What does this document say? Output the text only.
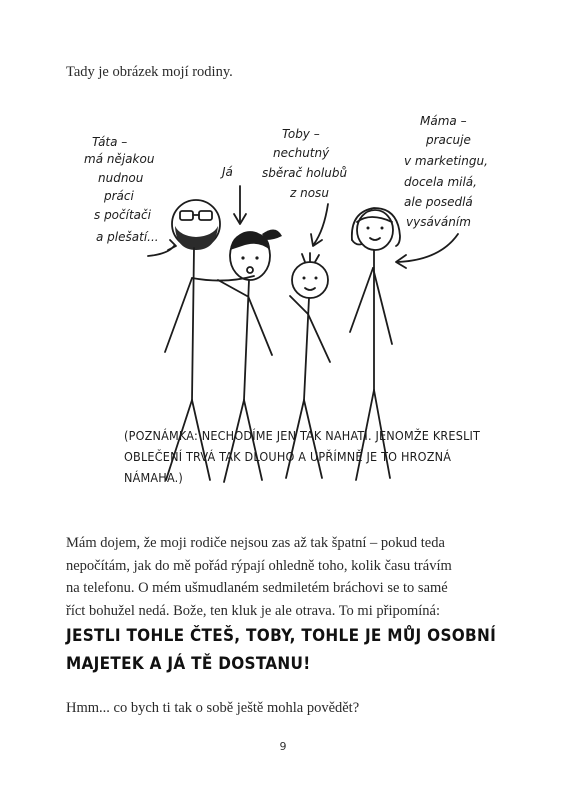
Tady je obrázek mojí rodiny.

Táta –
má nějakou
nudnou
práci
s počítači
a plešatí...
Já
Toby –
nechutný
sběrač holubů
z nosu
Máma –
pracuje
v marketingu,
docela milá,
ale posedlá
vysáváním
(POZNÁMKA: NECHODÍME JEN TAK NAHATÍ. JENOMŽE KRESLIT
OBLEČENÍ TRVÁ TAK DLOUHO A UPŘÍMNĚ JE TO HROZNÁ
NÁMAHA.)

Mám dojem, že moji rodiče nejsou zas až tak špatní – pokud teda
nepočítám, jak do mě pořád rýpají ohledně toho, kolik času trávím
na telefonu. O mém ušmudlaném sedmiletém bráchovi se to samé
říct bohužel nedá. Bože, ten kluk je ale otrava. To mi připomíná:

JESTLI TOHLE ČTEŠ, TOBY, TOHLE JE MŮJ OSOBNÍ
MAJETEK A JÁ TĚ DOSTANU!

Hmm... co bych ti tak o sobě ještě mohla povědět?

9
